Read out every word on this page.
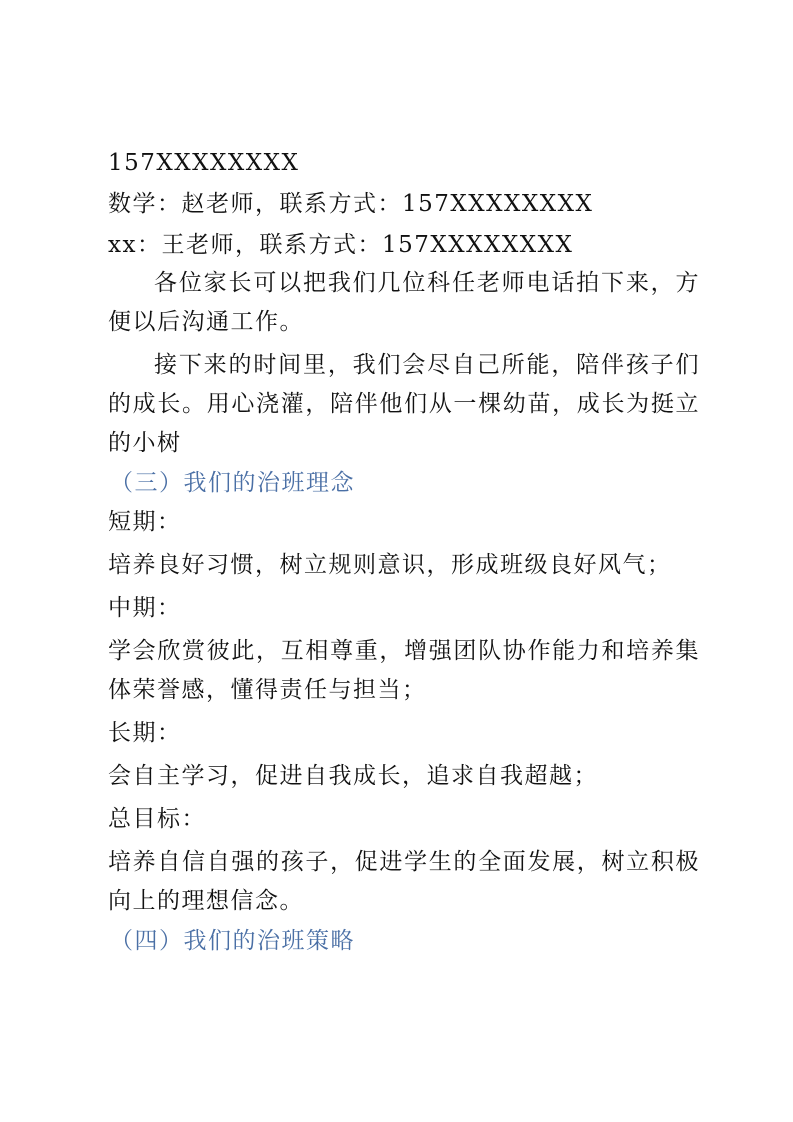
157XXXXXXXX

数学：赵老师，联系方式：157XXXXXXXX

xx：王老师，联系方式：157XXXXXXXX

各位家长可以把我们几位科任老师电话拍下来，方便以后沟通工作。

接下来的时间里，我们会尽自己所能，陪伴孩子们的成长。用心浇灌，陪伴他们从一棵幼苗，成长为挺立的小树

（三）我们的治班理念

短期：

培养良好习惯，树立规则意识，形成班级良好风气；

中期：

学会欣赏彼此，互相尊重，增强团队协作能力和培养集体荣誉感，懂得责任与担当；

长期：

会自主学习，促进自我成长，追求自我超越；

总目标：

培养自信自强的孩子，促进学生的全面发展，树立积极向上的理想信念。

（四）我们的治班策略
